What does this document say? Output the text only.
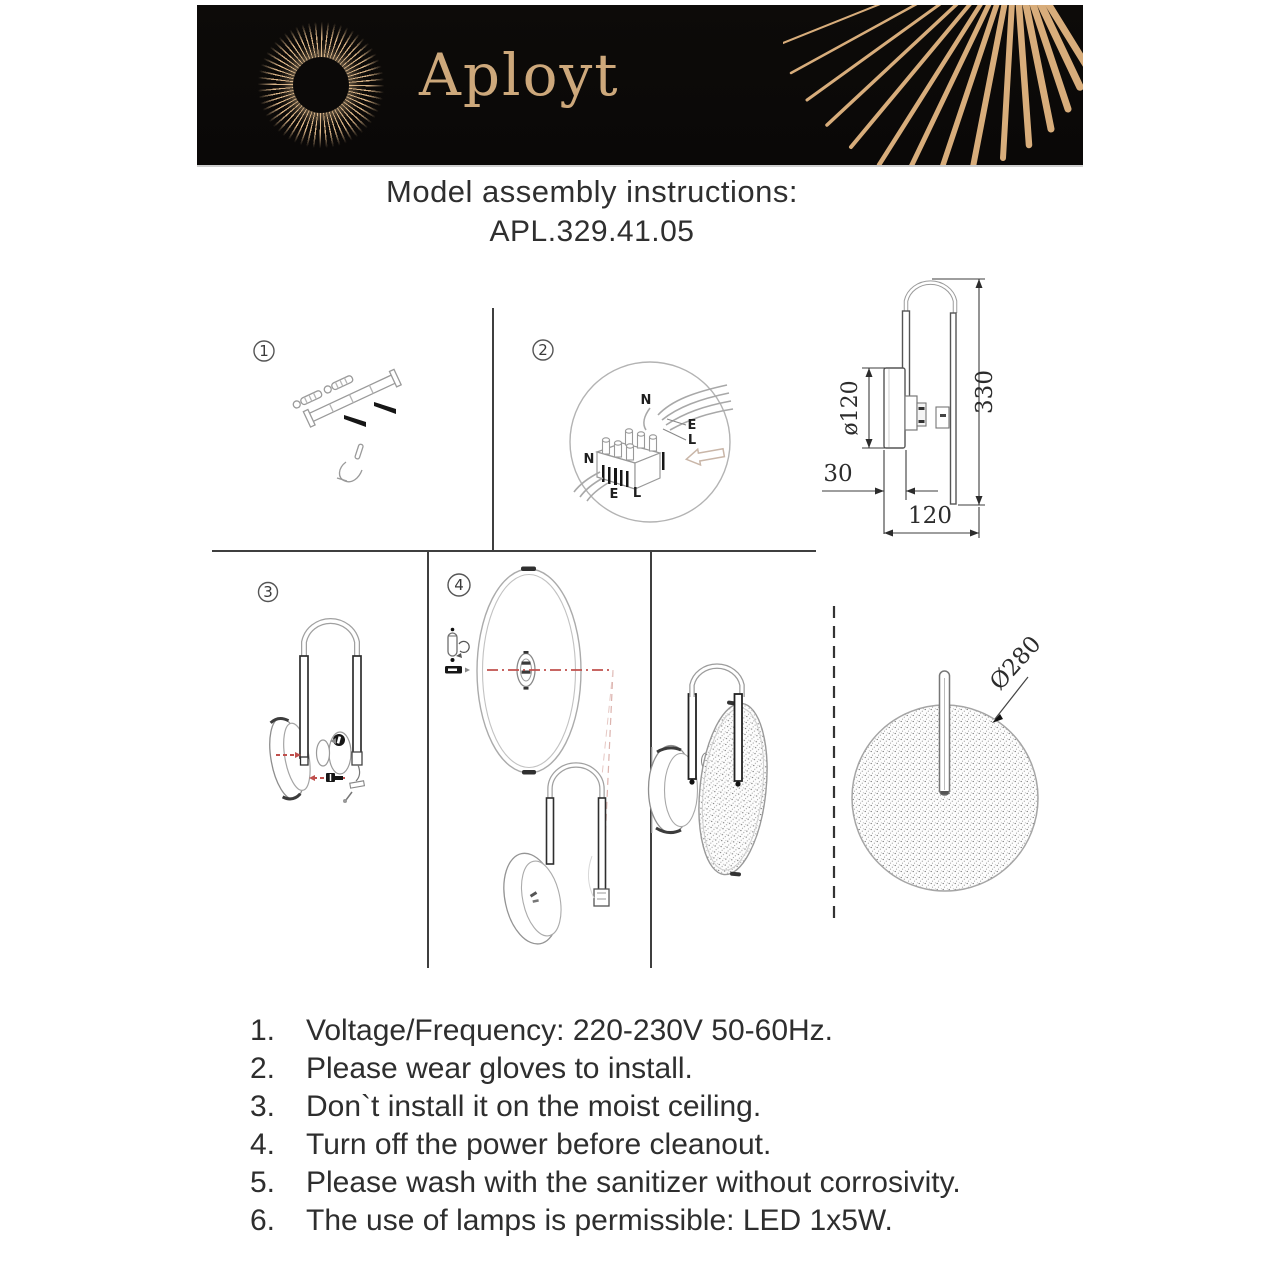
Aployt
Model assembly instructions:
APL.329.41.05
1	2
3	4
N
E
L
N
E L
Ø280
ø120	330
30
120
1.	Voltage/Frequency: 220-230V 50-60Hz.
2.	Please wear gloves to install.
3.	Don`t install it on the moist ceiling.
4.	Turn off the power before cleanout.
5.	Please wash with the sanitizer without corrosivity.
6.	The use of lamps is permissible: LED 1x5W.
